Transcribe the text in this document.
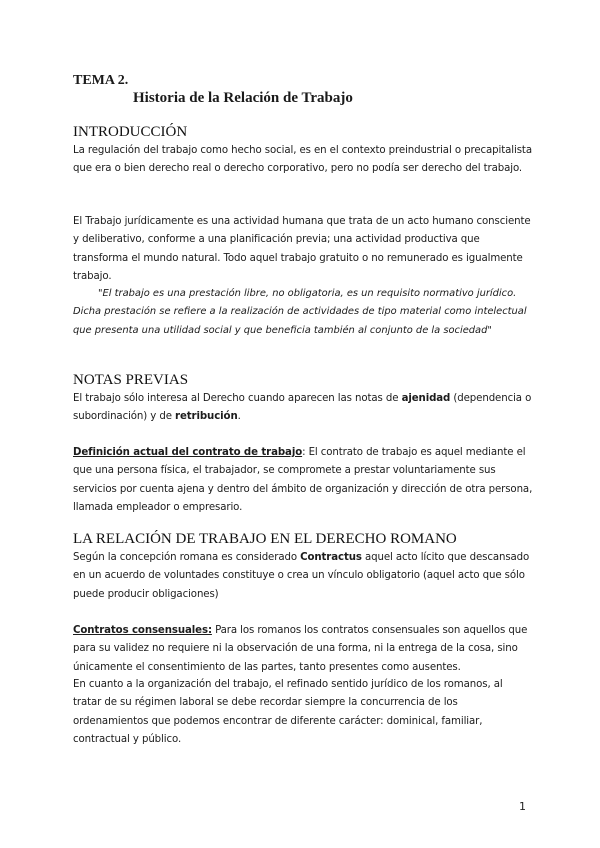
TEMA 2.
Historia de la Relación de Trabajo
INTRODUCCIÓN
La regulación del trabajo como hecho social, es en el contexto preindustrial o precapitalista que era o bien derecho real o derecho corporativo, pero no podía ser derecho del trabajo.
El Trabajo jurídicamente es una actividad humana que trata de un acto humano consciente y deliberativo, conforme a una planificación previa; una actividad productiva que transforma el mundo natural. Todo aquel trabajo gratuito o no remunerado es igualmente trabajo.
"El trabajo es una prestación libre, no obligatoria, es un requisito normativo jurídico. Dicha prestación se refiere a la realización de actividades de tipo material como intelectual que presenta una utilidad social y que beneficia también al conjunto de la sociedad"
NOTAS PREVIAS
El trabajo sólo interesa al Derecho cuando aparecen las notas de ajenidad (dependencia o subordinación) y de retribución.
Definición actual del contrato de trabajo: El contrato de trabajo es aquel mediante el que una persona física, el trabajador, se compromete a prestar voluntariamente sus servicios por cuenta ajena y dentro del ámbito de organización y dirección de otra persona, llamada empleador o empresario.
LA RELACIÓN DE TRABAJO EN EL DERECHO ROMANO
Según la concepción romana es considerado Contractus aquel acto lícito que descansado en un acuerdo de voluntades constituye o crea un vínculo obligatorio (aquel acto que sólo puede producir obligaciones)
Contratos consensuales: Para los romanos los contratos consensuales son aquellos que para su validez no requiere ni la observación de una forma, ni la entrega de la cosa, sino únicamente el consentimiento de las partes, tanto presentes como ausentes.
En cuanto a la organización del trabajo, el refinado sentido jurídico de los romanos, al tratar de su régimen laboral se debe recordar siempre la concurrencia de los ordenamientos que podemos encontrar de diferente carácter: dominical, familiar, contractual y público.
1
